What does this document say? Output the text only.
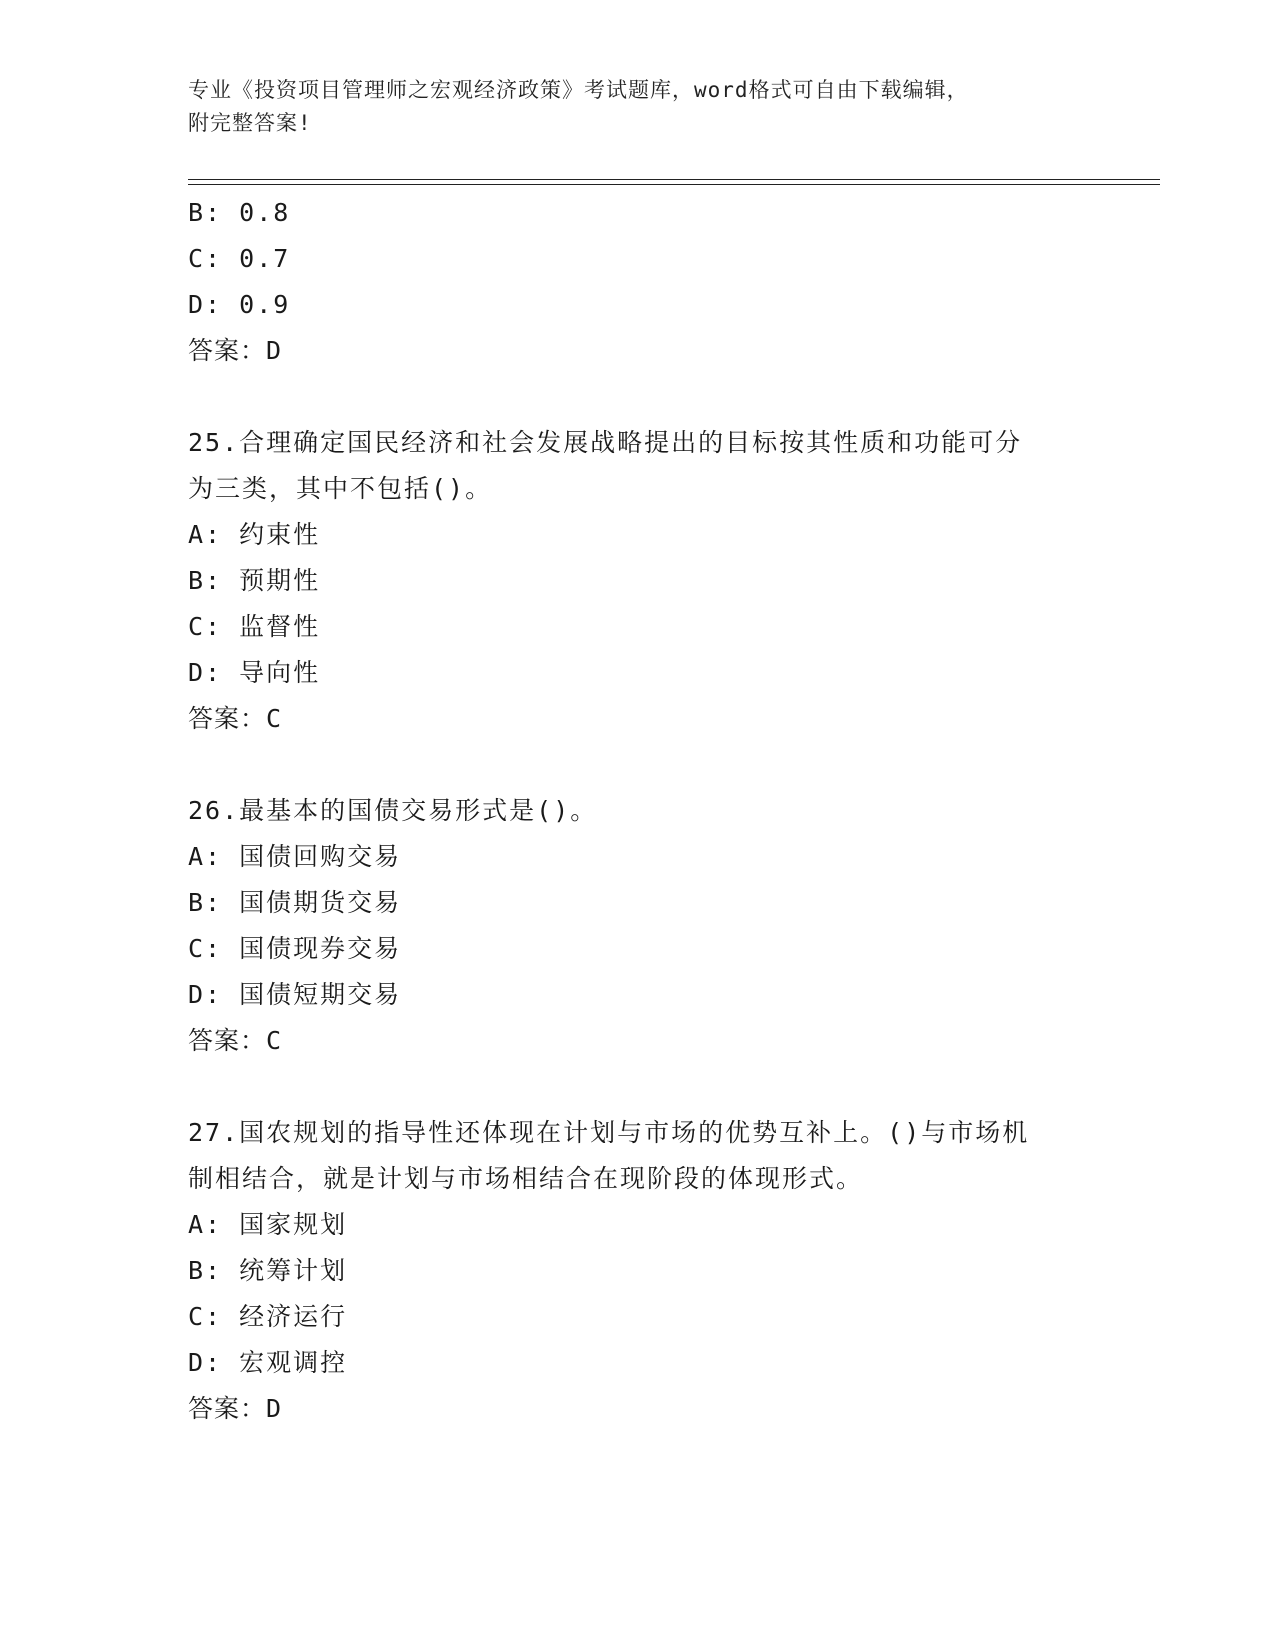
专业《投资项目管理师之宏观经济政策》考试题库，word格式可自由下载编辑，
附完整答案!
B: 0.8
C: 0.7
D: 0.9
答案：D
25.合理确定国民经济和社会发展战略提出的目标按其性质和功能可分
为三类，其中不包括()。
A: 约束性
B: 预期性
C: 监督性
D: 导向性
答案：C
26.最基本的国债交易形式是()。
A: 国债回购交易
B: 国债期货交易
C: 国债现券交易
D: 国债短期交易
答案：C
27.国农规划的指导性还体现在计划与市场的优势互补上。()与市场机
制相结合，就是计划与市场相结合在现阶段的体现形式。
A: 国家规划
B: 统筹计划
C: 经济运行
D: 宏观调控
答案：D
